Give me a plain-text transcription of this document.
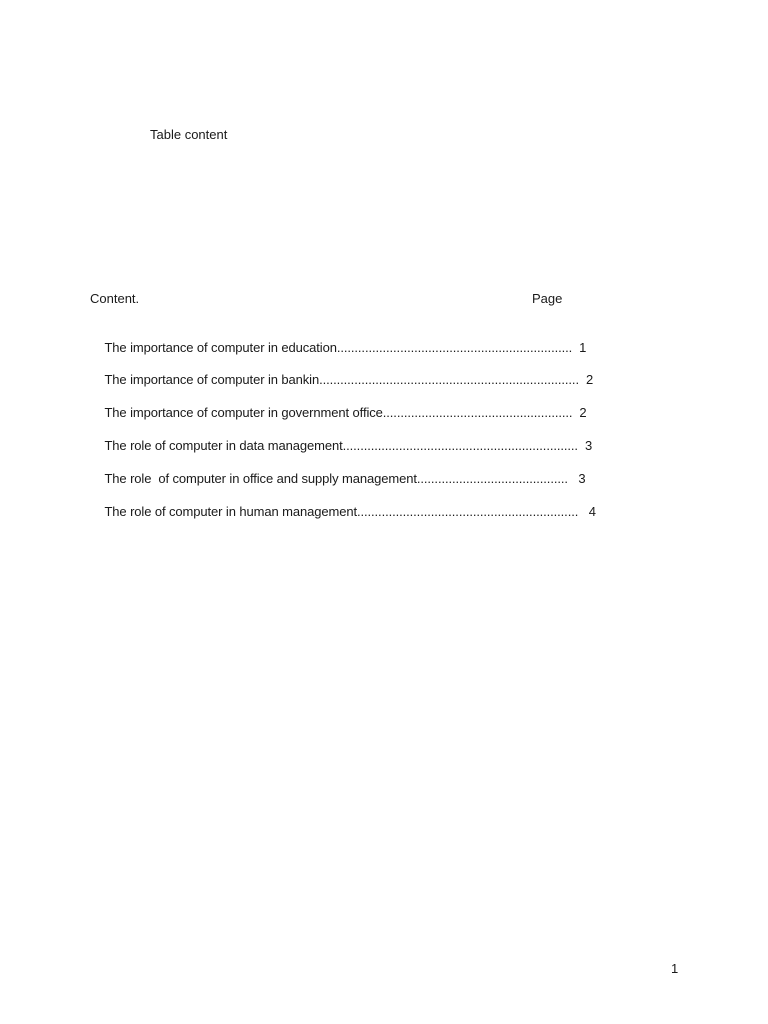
Table content
Content.	Page

The importance of computer in education...................................................................  1

The importance of computer in bankin..........................................................................  2

The importance of computer in government office......................................................  2

The role of computer in data management...................................................................  3

The role  of computer in office and supply management...........................................   3

The role of computer in human management...............................................................   4

1
